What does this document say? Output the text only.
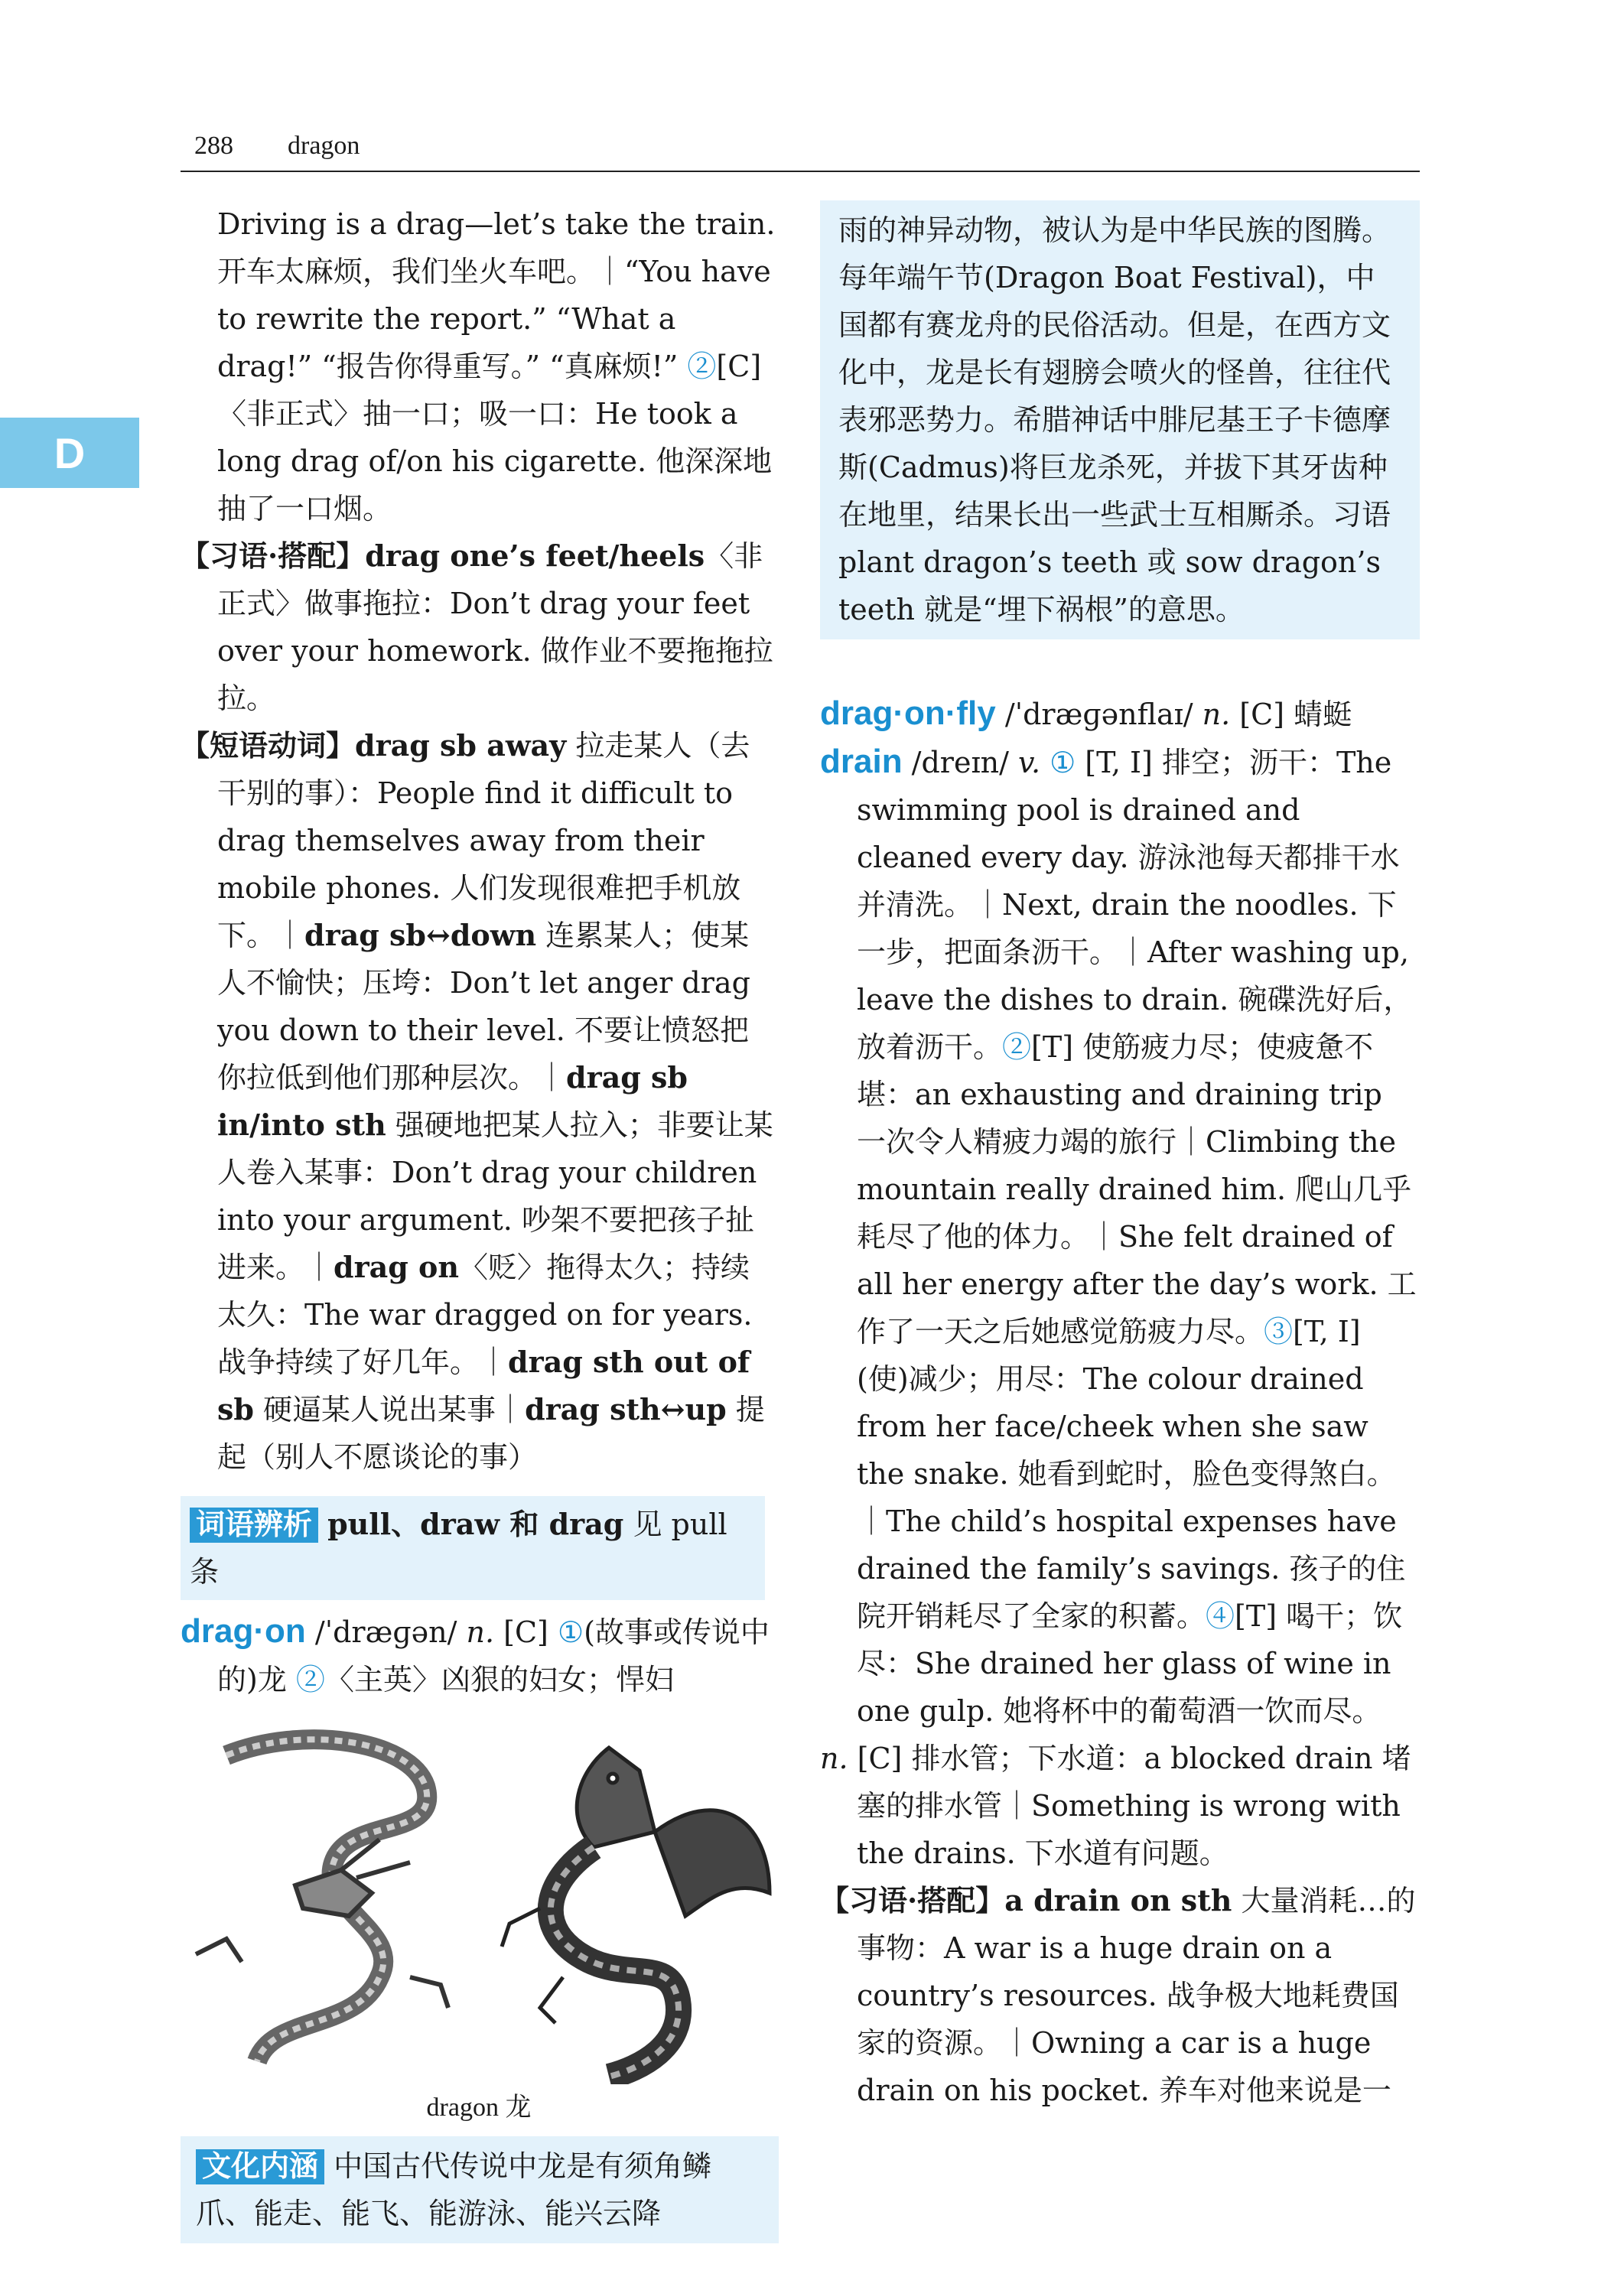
288 dragon
D

Driving is a drag—let’s take the train. 开车太麻烦，我们坐火车吧。｜“You have to rewrite the report.” “What a drag!” “报告你得重写。” “真麻烦!” ②[C]〈非正式〉抽一口；吸一口：He took a long drag of/on his cigarette. 他深深地抽了一口烟。

【习语·搭配】drag one’s feet/heels〈非正式〉做事拖拉：Don’t drag your feet over your homework. 做作业不要拖拖拉拉。

【短语动词】drag sb away 拉走某人（去干别的事）：People find it difficult to drag themselves away from their mobile phones. 人们发现很难把手机放下。｜drag sb↔down 连累某人；使某人不愉快；压垮：Don’t let anger drag you down to their level. 不要让愤怒把你拉低到他们那种层次。｜drag sb in/into sth 强硬地把某人拉入；非要让某人卷入某事：Don’t drag your children into your argument. 吵架不要把孩子扯进来。｜drag on〈贬〉拖得太久；持续太久：The war dragged on for years. 战争持续了好几年。｜drag sth out of sb 硬逼某人说出某事｜drag sth↔up 提起（别人不愿谈论的事）

词语辨析 pull、draw 和 drag 见 pull 条

drag·on /ˈdræɡən/ n. [C] ①(故事或传说中的)龙 ②〈主英〉凶狠的妇女；悍妇

dragon 龙
文化内涵 中国古代传说中龙是有须角鳞爪、能走、能飞、能游泳、能兴云降
雨的神异动物，被认为是中华民族的图腾。每年端午节(Dragon Boat Festival)，中国都有赛龙舟的民俗活动。但是，在西方文化中，龙是长有翅膀会喷火的怪兽，往往代表邪恶势力。希腊神话中腓尼基王子卡德摩斯(Cadmus)将巨龙杀死，并拔下其牙齿种在地里，结果长出一些武士互相厮杀。习语 plant dragon’s teeth 或 sow dragon’s teeth 就是“埋下祸根”的意思。

drag·on·fly /ˈdræɡənflaɪ/ n. [C] 蜻蜓

drain /dreɪn/ v. ① [T, I] 排空；沥干：The swimming pool is drained and cleaned every day. 游泳池每天都排干水并清洗。｜Next, drain the noodles. 下一步，把面条沥干。｜After washing up, leave the dishes to drain. 碗碟洗好后，放着沥干。②[T] 使筋疲力尽；使疲惫不堪：an exhausting and draining trip 一次令人精疲力竭的旅行｜Climbing the mountain really drained him. 爬山几乎耗尽了他的体力。｜She felt drained of all her energy after the day’s work. 工作了一天之后她感觉筋疲力尽。③[T, I] (使)减少；用尽：The colour drained from her face/cheek when she saw the snake. 她看到蛇时，脸色变得煞白。｜The child’s hospital expenses have drained the family’s savings. 孩子的住院开销耗尽了全家的积蓄。④[T] 喝干；饮尽：She drained her glass of wine in one gulp. 她将杯中的葡萄酒一饮而尽。

n. [C] 排水管；下水道：a blocked drain 堵塞的排水管｜Something is wrong with the drains. 下水道有问题。

【习语·搭配】a drain on sth 大量消耗…的事物：A war is a huge drain on a country’s resources. 战争极大地耗费国家的资源。｜Owning a car is a huge drain on his pocket. 养车对他来说是一
